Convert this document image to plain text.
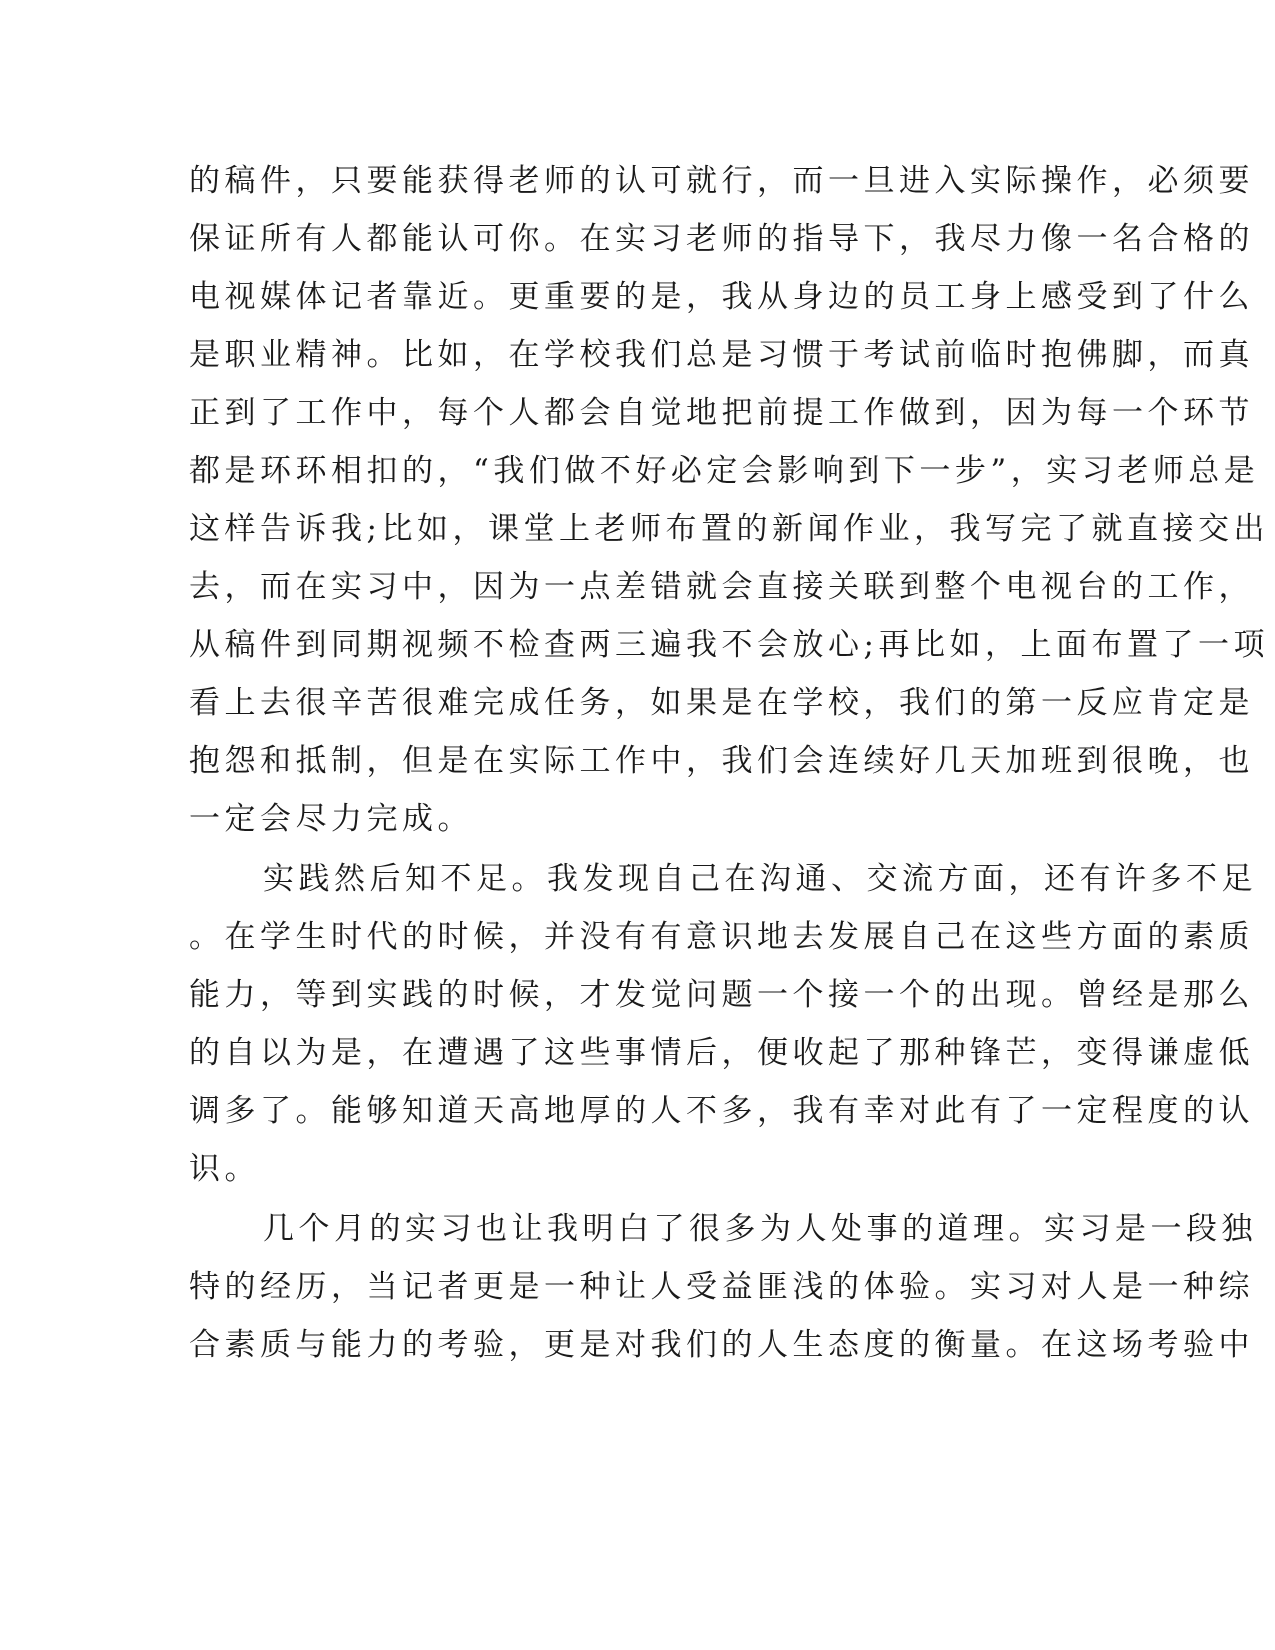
的稿件，只要能获得老师的认可就行，而一旦进入实际操作，必须要
保证所有人都能认可你。在实习老师的指导下，我尽力像一名合格的
电视媒体记者靠近。更重要的是，我从身边的员工身上感受到了什么
是职业精神。比如，在学校我们总是习惯于考试前临时抱佛脚，而真
正到了工作中，每个人都会自觉地把前提工作做到，因为每一个环节
都是环环相扣的，“我们做不好必定会影响到下一步”，实习老师总是
这样告诉我;比如，课堂上老师布置的新闻作业，我写完了就直接交出
去，而在实习中，因为一点差错就会直接关联到整个电视台的工作，
从稿件到同期视频不检查两三遍我不会放心;再比如，上面布置了一项
看上去很辛苦很难完成任务，如果是在学校，我们的第一反应肯定是
抱怨和抵制，但是在实际工作中，我们会连续好几天加班到很晚，也
一定会尽力完成。
实践然后知不足。我发现自己在沟通、交流方面，还有许多不足
。在学生时代的时候，并没有有意识地去发展自己在这些方面的素质
能力，等到实践的时候，才发觉问题一个接一个的出现。曾经是那么
的自以为是，在遭遇了这些事情后，便收起了那种锋芒，变得谦虚低
调多了。能够知道天高地厚的人不多，我有幸对此有了一定程度的认
识。
几个月的实习也让我明白了很多为人处事的道理。实习是一段独
特的经历，当记者更是一种让人受益匪浅的体验。实习对人是一种综
合素质与能力的考验，更是对我们的人生态度的衡量。在这场考验中
